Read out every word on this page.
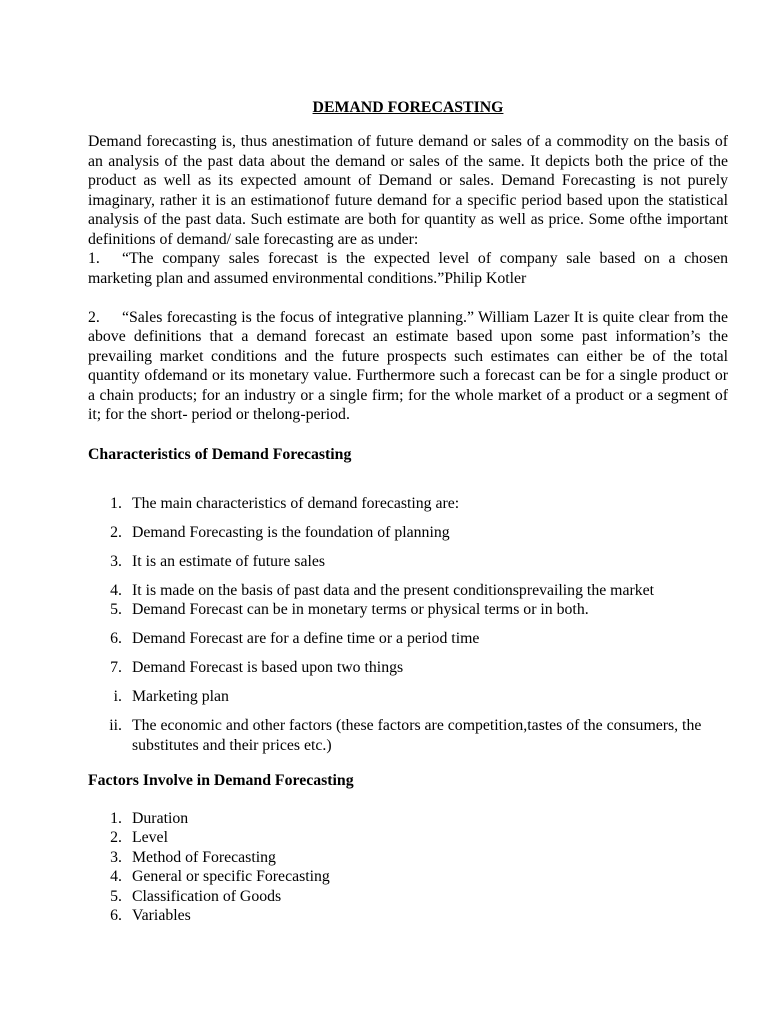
DEMAND FORECASTING

Demand forecasting is, thus anestimation of future demand or sales of a commodity on the basis of an analysis of the past data about the demand or sales of the same. It depicts both the price of the product as well as its expected amount of Demand or sales. Demand Forecasting is not purely imaginary, rather it is an estimationof future demand for a specific period based upon the statistical analysis of the past data. Such estimate are both for quantity as well as price. Some ofthe important definitions of demand/ sale forecasting are as under:

1. “The company sales forecast is the expected level of company sale based on a chosen marketing plan and assumed environmental conditions.”Philip Kotler

2. “Sales forecasting is the focus of integrative planning.” William Lazer It is quite clear from the above definitions that a demand forecast an estimate based upon some past information’s the prevailing market conditions and the future prospects such estimates can either be of the total quantity ofdemand or its monetary value. Furthermore such a forecast can be for a single product or a chain products; for an industry or a single firm; for the whole market of a product or a segment of it; for the short- period or thelong-period.

Characteristics of Demand Forecasting
1. The main characteristics of demand forecasting are:
2. Demand Forecasting is the foundation of planning
3. It is an estimate of future sales
4. It is made on the basis of past data and the present conditionsprevailing the market
5. Demand Forecast can be in monetary terms or physical terms or in both.
6. Demand Forecast are for a define time or a period time
7. Demand Forecast is based upon two things
i. Marketing plan
ii. The economic and other factors (these factors are competition,tastes of the consumers, the substitutes and their prices etc.)
Factors Involve in Demand Forecasting
1. Duration
2. Level
3. Method of Forecasting
4. General or specific Forecasting
5. Classification of Goods
6. Variables
